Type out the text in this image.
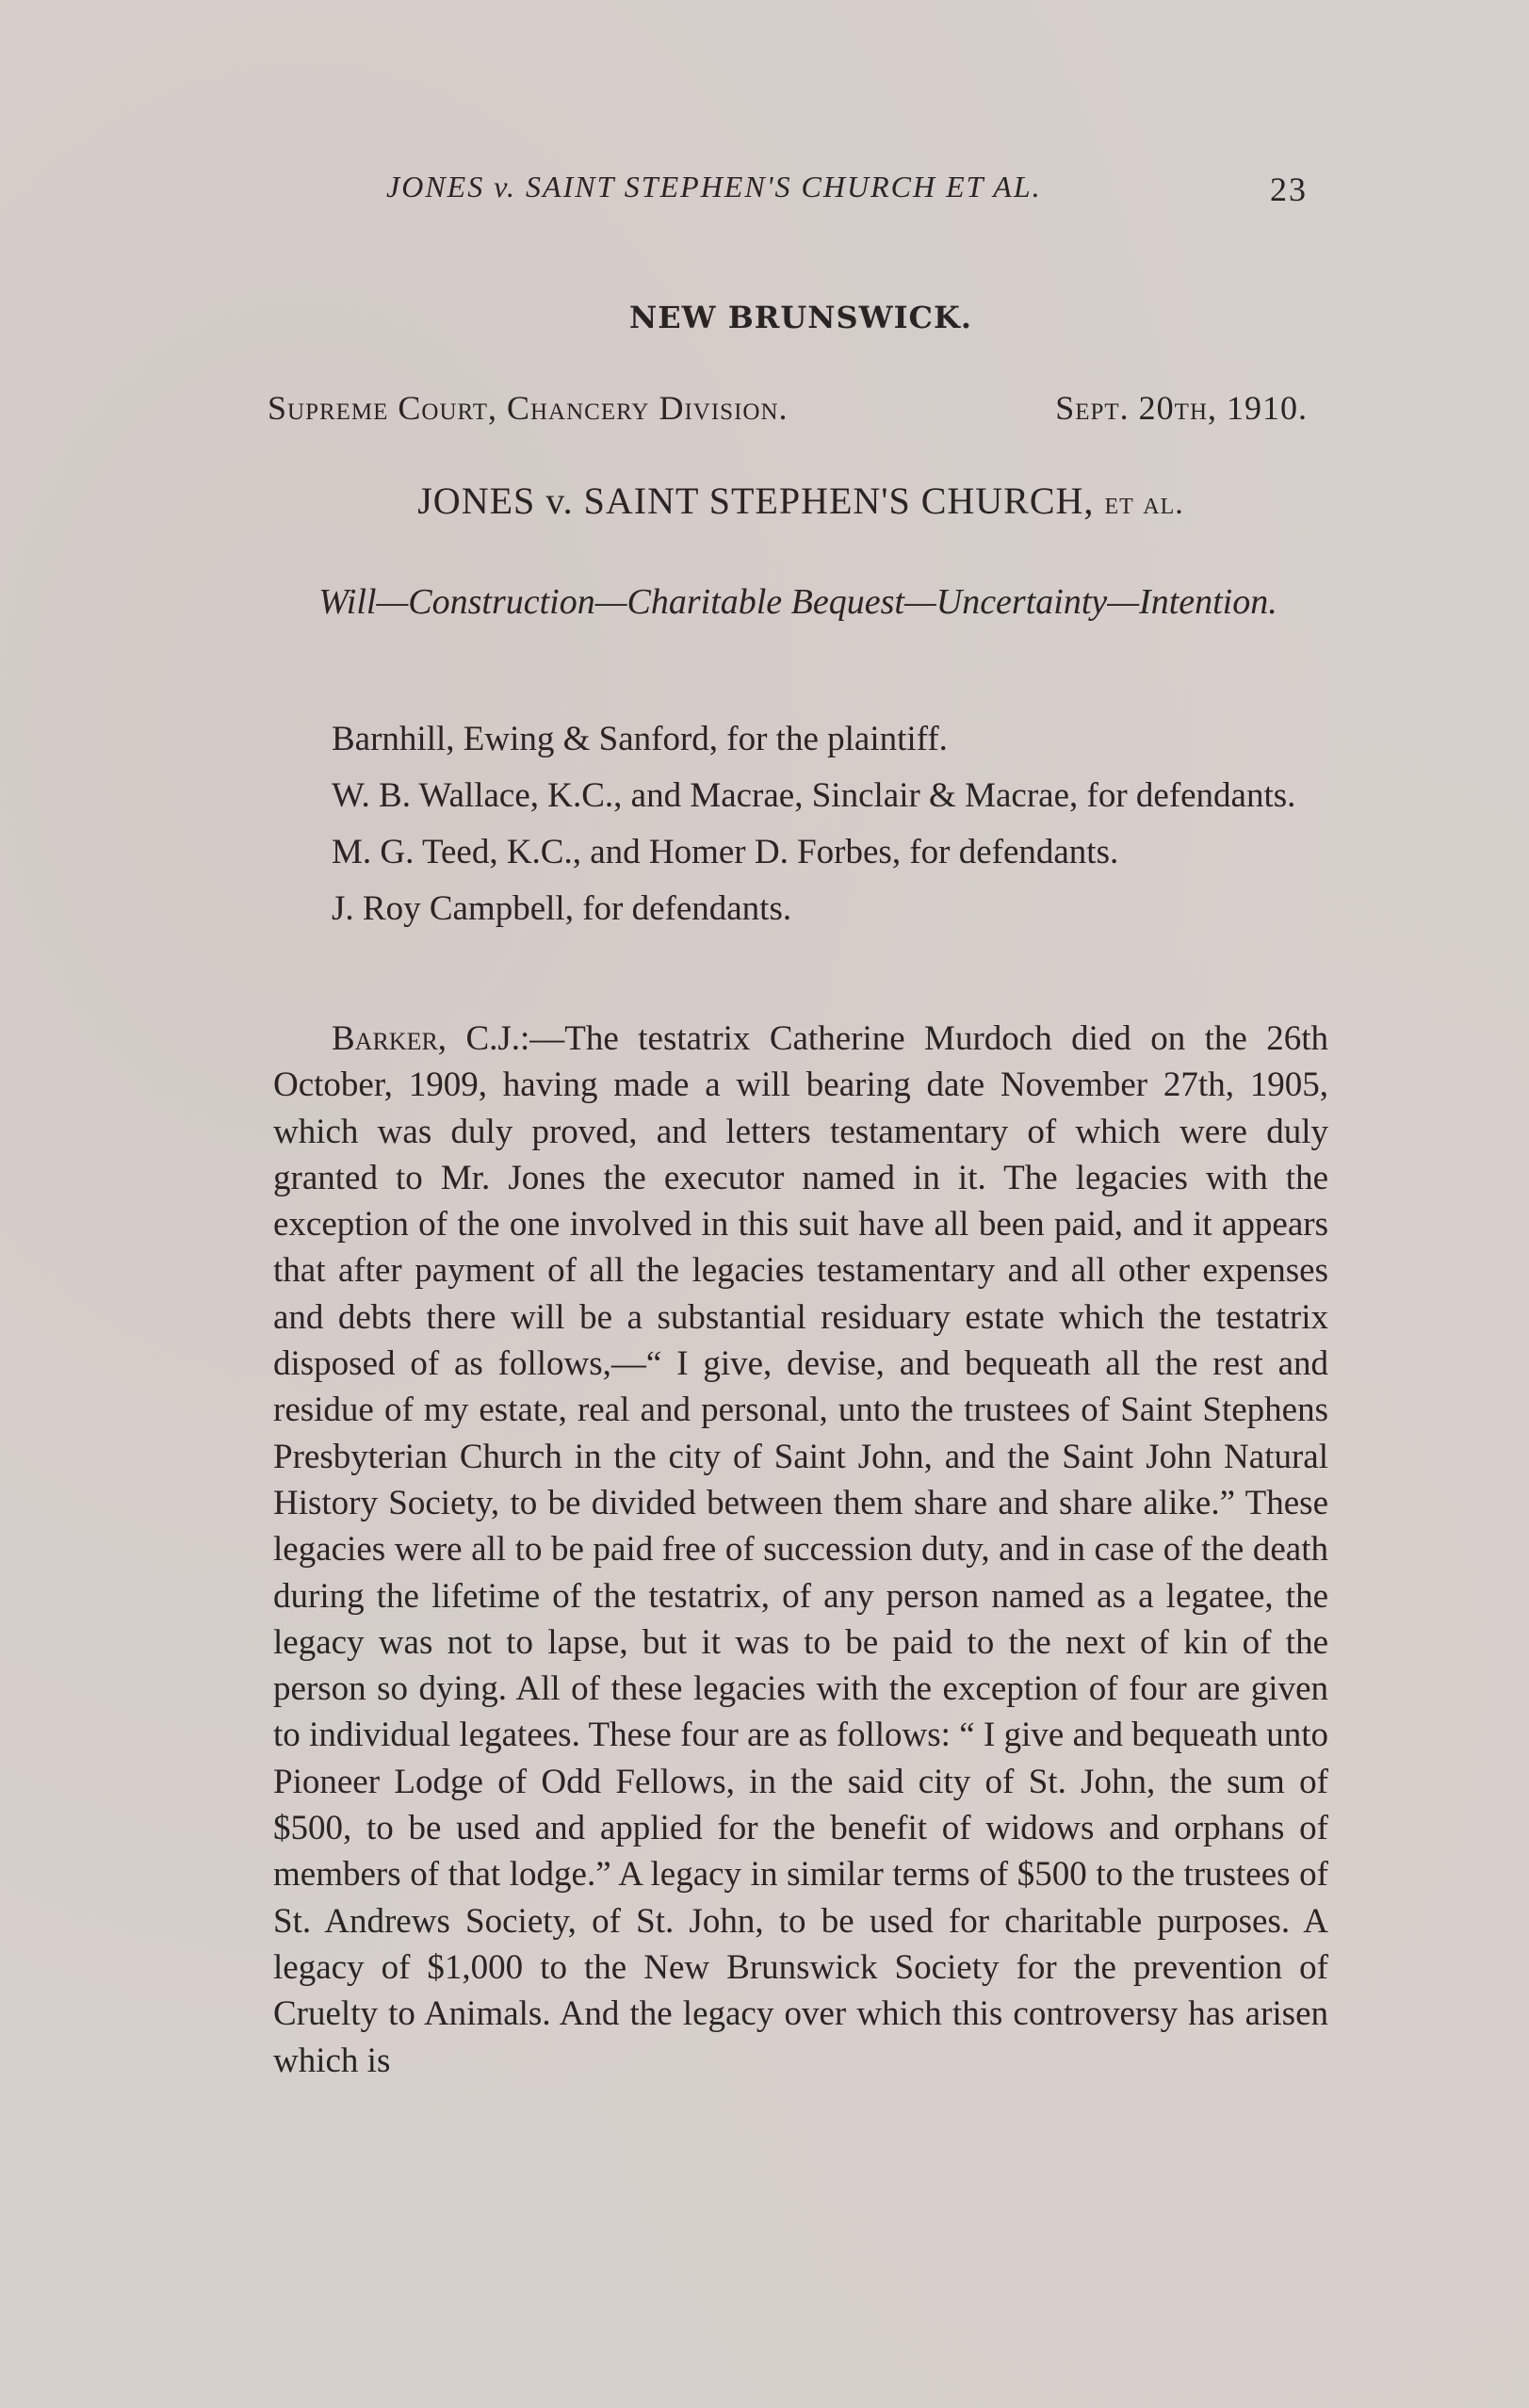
JONES v. SAINT STEPHEN'S CHURCH ET AL.	23
NEW BRUNSWICK.
Supreme Court, Chancery Division.	Sept. 20th, 1910.
JONES v. SAINT STEPHEN'S CHURCH, et al.
Will—Construction—Charitable Bequest—Uncertainty—Intention.

Barnhill, Ewing & Sanford, for the plaintiff.

W. B. Wallace, K.C., and Macrae, Sinclair & Macrae, for defendants.

M. G. Teed, K.C., and Homer D. Forbes, for defendants.

J. Roy Campbell, for defendants.

Barker, C.J.:—The testatrix Catherine Murdoch died on the 26th October, 1909, having made a will bearing date November 27th, 1905, which was duly proved, and letters testamentary of which were duly granted to Mr. Jones the executor named in it. The legacies with the exception of the one involved in this suit have all been paid, and it appears that after payment of all the legacies testamentary and all other expenses and debts there will be a substantial residuary estate which the testatrix disposed of as follows,—“ I give, devise, and bequeath all the rest and residue of my estate, real and personal, unto the trustees of Saint Stephens Presbyterian Church in the city of Saint John, and the Saint John Natural History Society, to be divided between them share and share alike.” These legacies were all to be paid free of succession duty, and in case of the death during the lifetime of the testatrix, of any person named as a legatee, the legacy was not to lapse, but it was to be paid to the next of kin of the person so dying. All of these legacies with the exception of four are given to individual legatees. These four are as follows: “ I give and bequeath unto Pioneer Lodge of Odd Fellows, in the said city of St. John, the sum of $500, to be used and applied for the benefit of widows and orphans of members of that lodge.” A legacy in similar terms of $500 to the trustees of St. Andrews Society, of St. John, to be used for charitable purposes. A legacy of $1,000 to the New Brunswick Society for the prevention of Cruelty to Animals. And the legacy over which this controversy has arisen which is
